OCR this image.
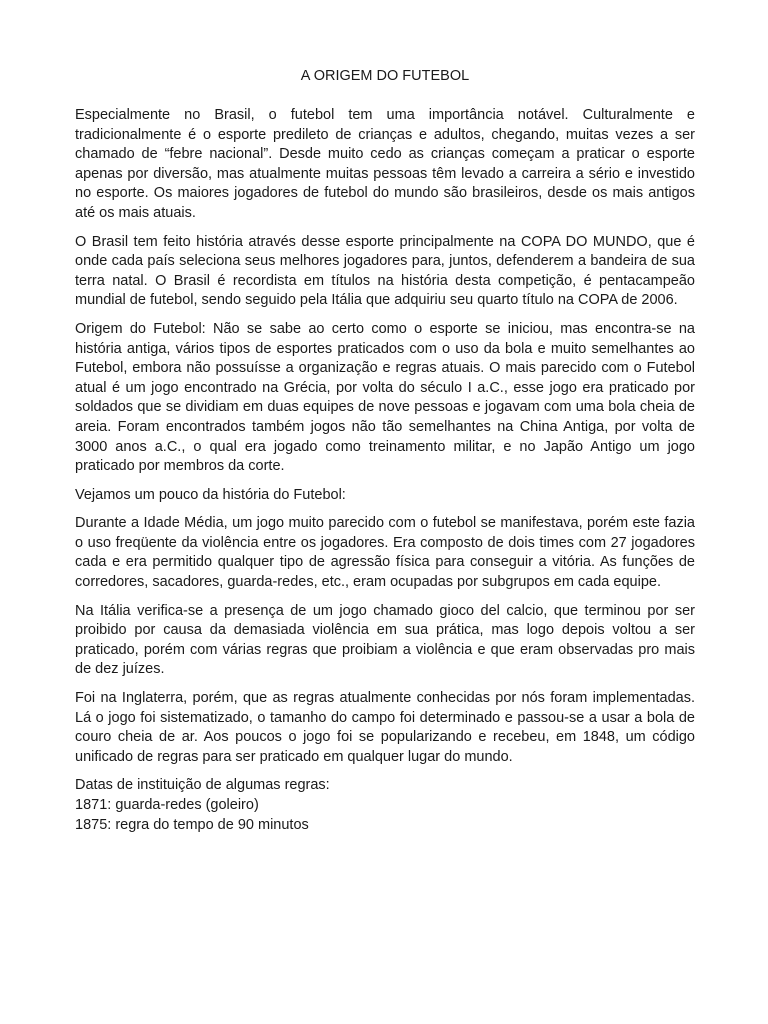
A ORIGEM DO FUTEBOL

Especialmente no Brasil, o futebol tem uma importância notável. Culturalmente e tradicionalmente é o esporte predileto de crianças e adultos, chegando, muitas vezes a ser chamado de “febre nacional”. Desde muito cedo as crianças começam a praticar o esporte apenas por diversão, mas atualmente muitas pessoas têm levado a carreira a sério e investido no esporte. Os maiores jogadores de futebol do mundo são brasileiros, desde os mais antigos até os mais atuais.

O Brasil tem feito história através desse esporte principalmente na COPA DO MUNDO, que é onde cada país seleciona seus melhores jogadores para, juntos, defenderem a bandeira de sua terra natal. O Brasil é recordista em títulos na história desta competição, é pentacampeão mundial de futebol, sendo seguido pela Itália que adquiriu seu quarto título na COPA de 2006.

Origem do Futebol: Não se sabe ao certo como o esporte se iniciou, mas encontra-se na história antiga, vários tipos de esportes praticados com o uso da bola e muito semelhantes ao Futebol, embora não possuísse a organização e regras atuais. O mais parecido com o Futebol atual é um jogo encontrado na Grécia, por volta do século I a.C., esse jogo era praticado por soldados que se dividiam em duas equipes de nove pessoas e jogavam com uma bola cheia de areia. Foram encontrados também jogos não tão semelhantes na China Antiga, por volta de 3000 anos a.C., o qual era jogado como treinamento militar, e no Japão Antigo um jogo praticado por membros da corte.

Vejamos um pouco da história do Futebol:

Durante a Idade Média, um jogo muito parecido com o futebol se manifestava, porém este fazia o uso freqüente da violência entre os jogadores. Era composto de dois times com 27 jogadores cada e era permitido qualquer tipo de agressão física para conseguir a vitória. As funções de corredores, sacadores, guarda-redes, etc., eram ocupadas por subgrupos em cada equipe.

Na Itália verifica-se a presença de um jogo chamado gioco del calcio, que terminou por ser proibido por causa da demasiada violência em sua prática, mas logo depois voltou a ser praticado, porém com várias regras que proibiam a violência e que eram observadas pro mais de dez juízes.

Foi na Inglaterra, porém, que as regras atualmente conhecidas por nós foram implementadas. Lá o jogo foi sistematizado, o tamanho do campo foi determinado e passou-se a usar a bola de couro cheia de ar. Aos poucos o jogo foi se popularizando e recebeu, em 1848, um código unificado de regras para ser praticado em qualquer lugar do mundo.

Datas de instituição de algumas regras:
1871: guarda-redes (goleiro)
1875: regra do tempo de 90 minutos
